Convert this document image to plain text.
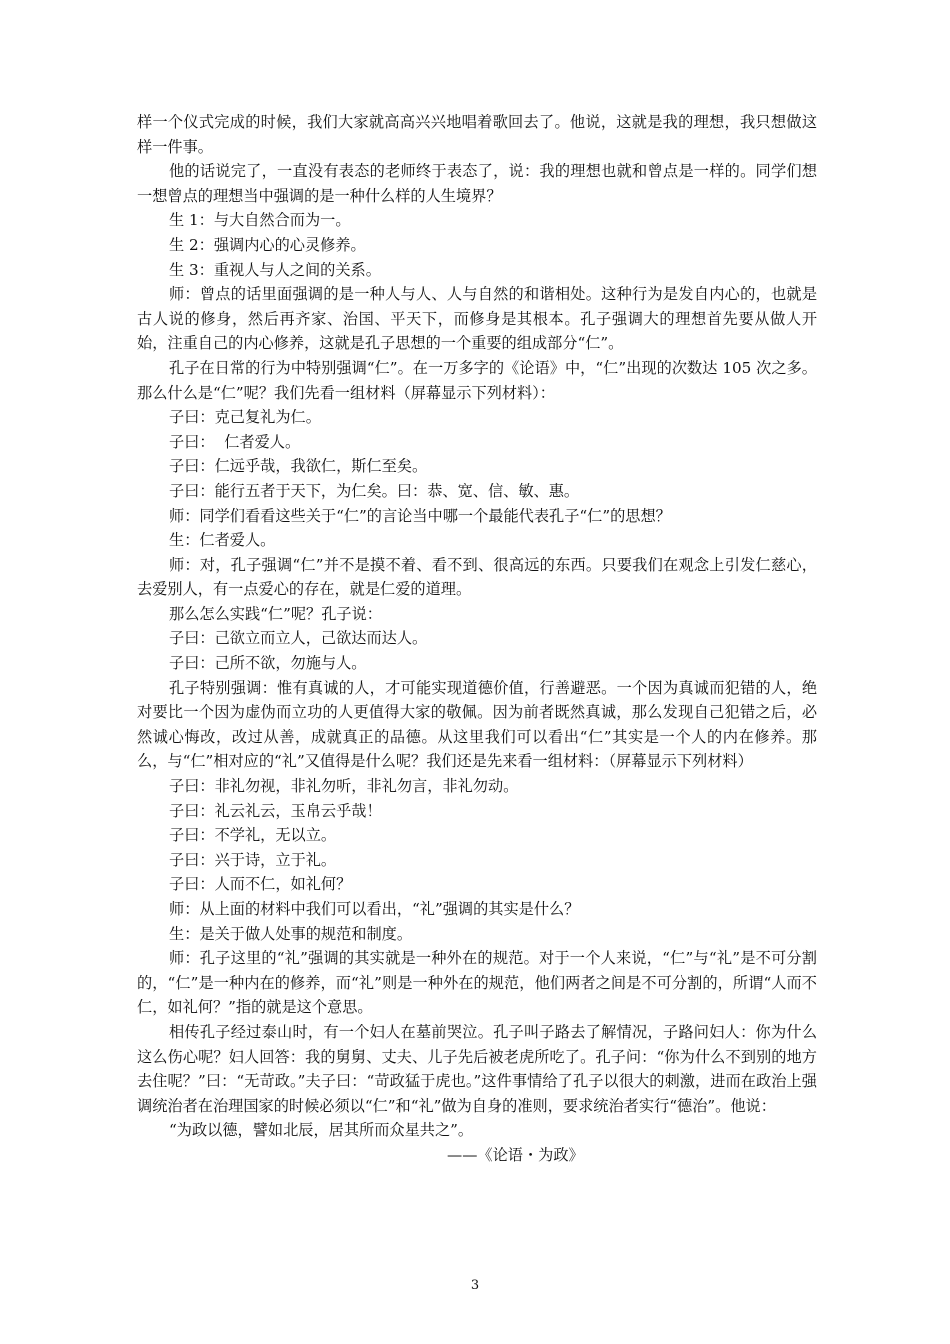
样一个仪式完成的时候，我们大家就高高兴兴地唱着歌回去了。他说，这就是我的理想，我只想做这样一件事。

他的话说完了，一直没有表态的老师终于表态了，说：我的理想也就和曾点是一样的。同学们想一想曾点的理想当中强调的是一种什么样的人生境界？

生 1：与大自然合而为一。

生 2：强调内心的心灵修养。

生 3：重视人与人之间的关系。

师：曾点的话里面强调的是一种人与人、人与自然的和谐相处。这种行为是发自内心的，也就是古人说的修身，然后再齐家、治国、平天下，而修身是其根本。孔子强调大的理想首先要从做人开始，注重自己的内心修养，这就是孔子思想的一个重要的组成部分“仁”。

孔子在日常的行为中特别强调“仁”。在一万多字的《论语》中，“仁”出现的次数达 105 次之多。那么什么是“仁”呢？我们先看一组材料（屏幕显示下列材料）：

子曰：克己复礼为仁。

子曰：  仁者爱人。

子曰：仁远乎哉，我欲仁，斯仁至矣。

子曰：能行五者于天下，为仁矣。曰：恭、宽、信、敏、惠。

师：同学们看看这些关于“仁”的言论当中哪一个最能代表孔子“仁”的思想？

生：仁者爱人。

师：对，孔子强调“仁”并不是摸不着、看不到、很高远的东西。只要我们在观念上引发仁慈心，去爱别人，有一点爱心的存在，就是仁爱的道理。

那么怎么实践“仁”呢？孔子说：

子曰：己欲立而立人，己欲达而达人。

子曰：己所不欲，勿施与人。

孔子特别强调：惟有真诚的人，才可能实现道德价值，行善避恶。一个因为真诚而犯错的人，绝对要比一个因为虚伪而立功的人更值得大家的敬佩。因为前者既然真诚，那么发现自己犯错之后，必然诚心悔改，改过从善，成就真正的品德。从这里我们可以看出“仁”其实是一个人的内在修养。那么，与“仁”相对应的“礼”又值得是什么呢？我们还是先来看一组材料：（屏幕显示下列材料）

子曰：非礼勿视，非礼勿听，非礼勿言，非礼勿动。

子曰：礼云礼云，玉帛云乎哉！

子曰：不学礼，无以立。

子曰：兴于诗，立于礼。

子曰：人而不仁，如礼何？

师：从上面的材料中我们可以看出，“礼”强调的其实是什么？

生：是关于做人处事的规范和制度。

师：孔子这里的“礼”强调的其实就是一种外在的规范。对于一个人来说，“仁”与“礼”是不可分割的，“仁”是一种内在的修养，而“礼”则是一种外在的规范，他们两者之间是不可分割的，所谓“人而不仁，如礼何？”指的就是这个意思。

相传孔子经过泰山时，有一个妇人在墓前哭泣。孔子叫子路去了解情况，子路问妇人：你为什么这么伤心呢？妇人回答：我的舅舅、丈夫、儿子先后被老虎所吃了。孔子问：“你为什么不到别的地方去住呢？”曰：“无苛政。”夫子曰：“苛政猛于虎也。”这件事情给了孔子以很大的刺激，进而在政治上强调统治者在治理国家的时候必须以“仁”和“礼”做为自身的准则，要求统治者实行“德治”。他说：

“为政以德，譬如北辰，居其所而众星共之”。

——《论语・为政》

3
